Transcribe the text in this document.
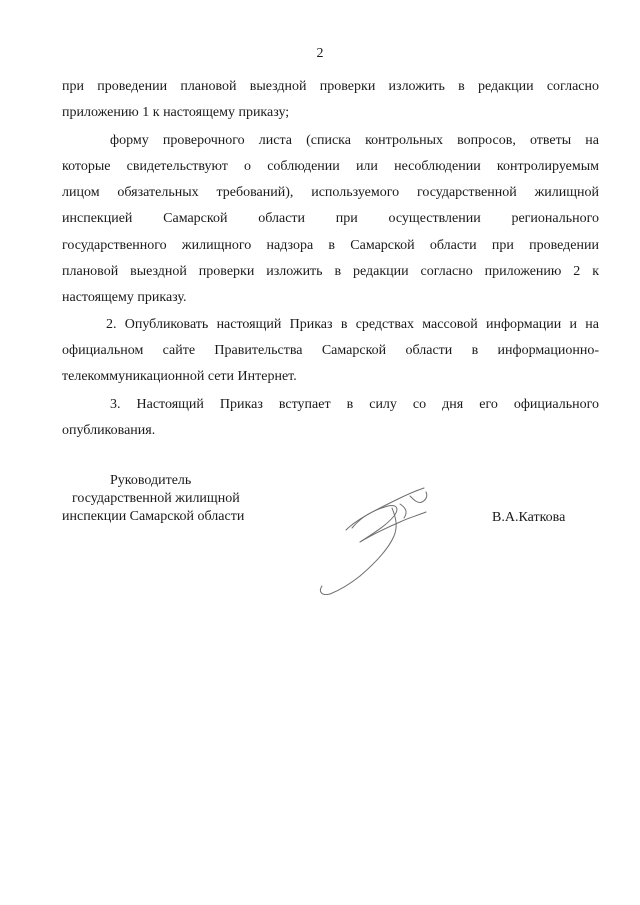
2
при проведении плановой выездной проверки изложить в редакции согласно
приложению 1 к настоящему приказу;
форму проверочного листа (списка контрольных вопросов, ответы на
которые свидетельствуют о соблюдении или несоблюдении контролируемым
лицом обязательных требований), используемого государственной жилищной
инспекцией Самарской области при осуществлении регионального
государственного жилищного надзора в Самарской области при проведении
плановой выездной проверки изложить в редакции согласно приложению 2 к
настоящему приказу.
2. Опубликовать настоящий Приказ в средствах массовой информации и на
официальном сайте Правительства Самарской области в информационно-
телекоммуникационной сети Интернет.
3. Настоящий Приказ вступает в силу со дня его официального
опубликования.
Руководитель
государственной жилищной
инспекции Самарской области	В.А.Каткова
